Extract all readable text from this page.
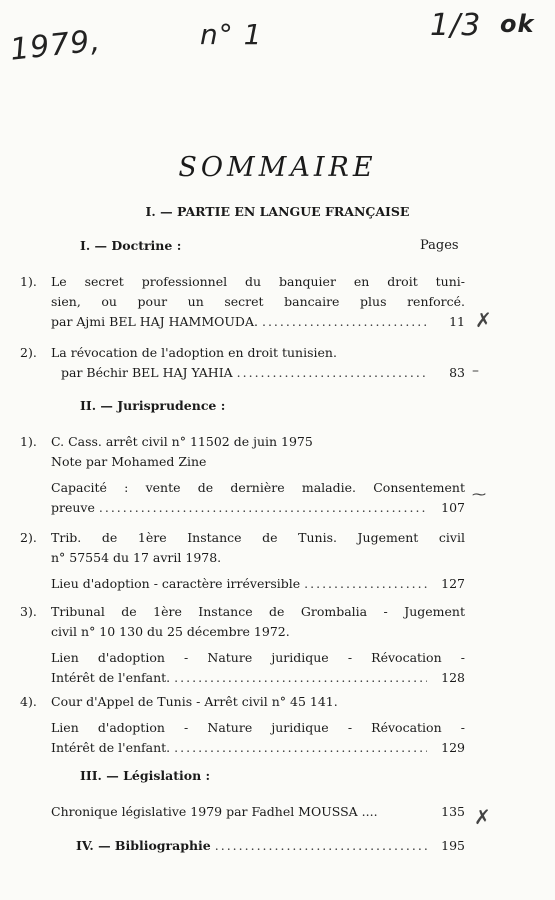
1979,	n° 1	1/3 ok
SOMMAIRE
I. — PARTIE EN LANGUE FRANÇAISE
I. — Doctrine :	Pages
1). Le secret professionnel du banquier en droit tuni-
sien, ou pour un secret bancaire plus renforcé.
par Ajmi BEL HAJ HAMMOUDA. .....	11
2). La révocation de l'adoption en droit tunisien.
par Béchir BEL HAJ YAHIA .....	83
II. — Jurisprudence :
1). C. Cass. arrêt civil n° 11502 de juin 1975
Note par Mohamed Zine
Capacité : vente de dernière maladie. Consentement
preuve .....	107
2). Trib. de 1ère Instance de Tunis. Jugement civil
n° 57554 du 17 avril 1978.
Lieu d'adoption - caractère irréversible .....	127
3). Tribunal de 1ère Instance de Grombalia - Jugement
civil n° 10 130 du 25 décembre 1972.
Lien d'adoption - Nature juridique - Révocation -
Intérêt de l'enfant. .....	128
4). Cour d'Appel de Tunis - Arrêt civil n° 45 141.
Lien d'adoption - Nature juridique - Révocation -
Intérêt de l'enfant. .....	129
III. — Législation :
Chronique législative 1979 par Fadhel MOUSSA ....	135
IV. — Bibliographie .....	195
✗
–
⁓
✗
